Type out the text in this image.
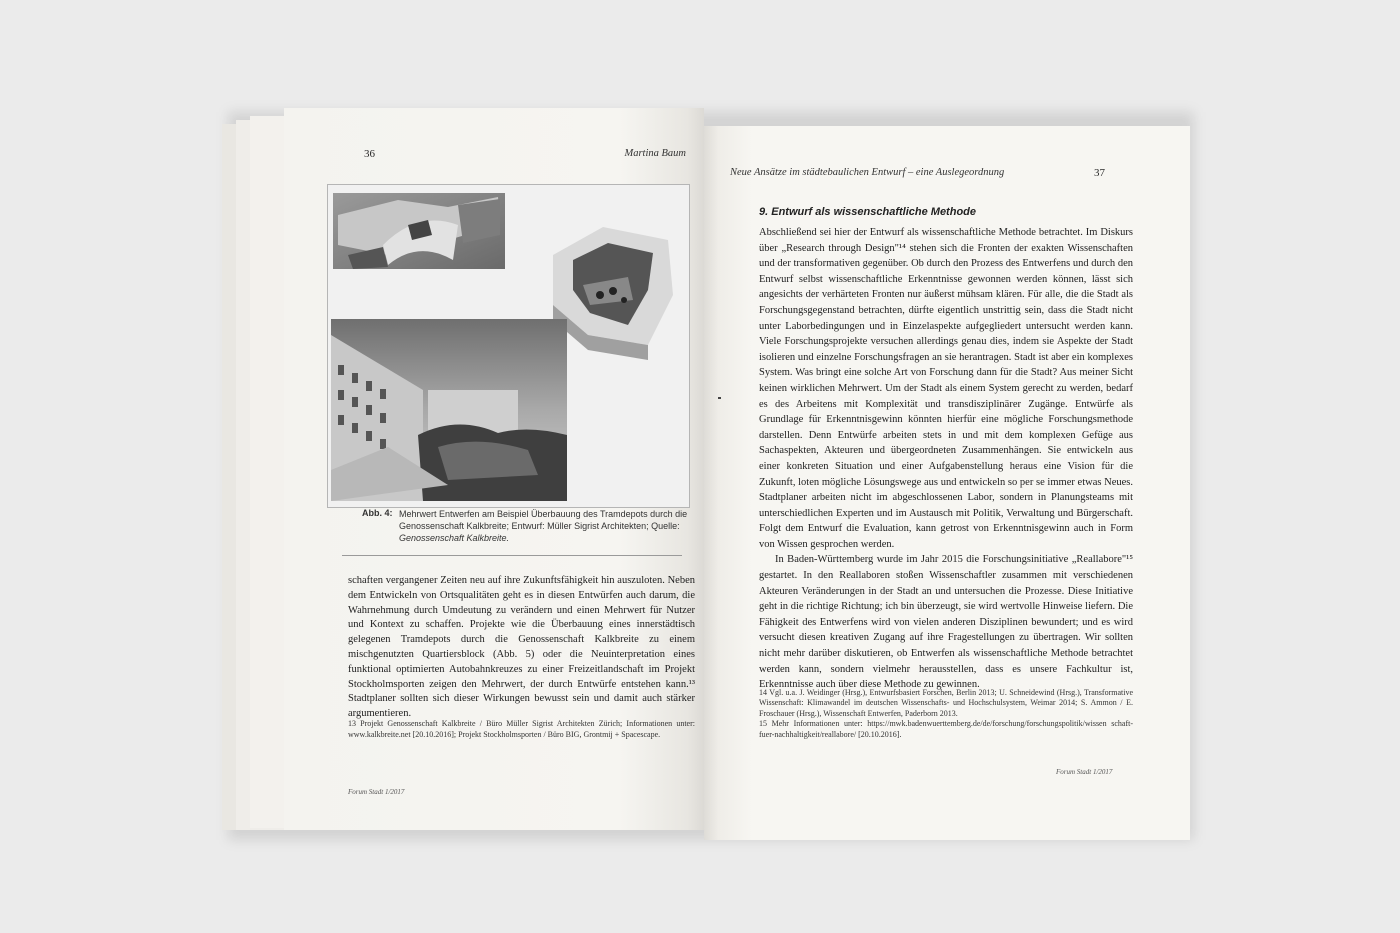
36	Martina Baum
Abb. 4: Mehrwert Entwerfen am Beispiel Überbauung des Tramdepots durch die Genossenschaft Kalkbreite; Entwurf: Müller Sigrist Architekten; Quelle: Genossenschaft Kalkbreite.

schaften vergangener Zeiten neu auf ihre Zukunftsfähigkeit hin auszuloten. Neben dem Entwickeln von Ortsqualitäten geht es in diesen Entwürfen auch darum, die Wahrnehmung durch Umdeutung zu verändern und einen Mehrwert für Nutzer und Kontext zu schaffen. Projekte wie die Überbauung eines innerstädtisch gelegenen Tramdepots durch die Genossenschaft Kalkbreite zu einem mischgenutzten Quartiersblock (Abb. 5) oder die Neuinterpretation eines funktional optimierten Autobahnkreuzes zu einer Freizeitlandschaft im Projekt Stockholmsporten zeigen den Mehrwert, der durch Entwürfe entstehen kann.¹³ Stadtplaner sollten sich dieser Wirkungen bewusst sein und damit auch stärker argumentieren.

13 Projekt Genossenschaft Kalkbreite / Büro Müller Sigrist Architekten Zürich; Informationen unter: www.kalkbreite.net [20.10.2016]; Projekt Stockholmsporten / Büro BIG, Grontmij + Spacescape.
Forum Stadt 1/2017
Neue Ansätze im städtebaulichen Entwurf – eine Auslegeordnung	37
9. Entwurf als wissenschaftliche Methode

Abschließend sei hier der Entwurf als wissenschaftliche Methode betrachtet. Im Diskurs über „Research through Design"¹⁴ stehen sich die Fronten der exakten Wissenschaften und der transformativen gegenüber. Ob durch den Prozess des Entwerfens und durch den Entwurf selbst wissenschaftliche Erkenntnisse gewonnen werden können, lässt sich angesichts der verhärteten Fronten nur äußerst mühsam klären. Für alle, die die Stadt als Forschungsgegenstand betrachten, dürfte eigentlich unstrittig sein, dass die Stadt nicht unter Laborbedingungen und in Einzelaspekte aufgegliedert untersucht werden kann. Viele Forschungsprojekte versuchen allerdings genau dies, indem sie Aspekte der Stadt isolieren und einzelne Forschungsfragen an sie herantragen. Stadt ist aber ein komplexes System. Was bringt eine solche Art von Forschung dann für die Stadt? Aus meiner Sicht keinen wirklichen Mehrwert. Um der Stadt als einem System gerecht zu werden, bedarf es des Arbeitens mit Komplexität und transdisziplinärer Zugänge. Entwürfe als Grundlage für Erkenntnisgewinn könnten hierfür eine mögliche Forschungsmethode darstellen. Denn Entwürfe arbeiten stets in und mit dem komplexen Gefüge aus Sachaspekten, Akteuren und übergeordneten Zusammenhängen. Sie entwickeln aus einer konkreten Situation und einer Aufgabenstellung heraus eine Vision für die Zukunft, loten mögliche Lösungswege aus und entwickeln so per se immer etwas Neues. Stadtplaner arbeiten nicht im abgeschlossenen Labor, sondern in Planungsteams mit unterschiedlichen Experten und im Austausch mit Politik, Verwaltung und Bürgerschaft. Folgt dem Entwurf die Evaluation, kann getrost von Erkenntnisgewinn auch in Form von Wissen gesprochen werden.

In Baden-Württemberg wurde im Jahr 2015 die Forschungsinitiative „Reallabore"¹⁵ gestartet. In den Reallaboren stoßen Wissenschaftler zusammen mit verschiedenen Akteuren Veränderungen in der Stadt an und untersuchen die Prozesse. Diese Initiative geht in die richtige Richtung; ich bin überzeugt, sie wird wertvolle Hinweise liefern. Die Fähigkeit des Entwerfens wird von vielen anderen Disziplinen bewundert; und es wird versucht diesen kreativen Zugang auf ihre Fragestellungen zu übertragen. Wir sollten nicht mehr darüber diskutieren, ob Entwerfen als wissenschaftliche Methode betrachtet werden kann, sondern vielmehr herausstellen, dass es unsere Fachkultur ist, Erkenntnisse auch über diese Methode zu gewinnen.

14 Vgl. u.a. J. Weidinger (Hrsg.), Entwurfsbasiert Forschen, Berlin 2013; U. Schneidewind (Hrsg.), Transformative Wissenschaft: Klimawandel im deutschen Wissenschafts- und Hochschulsystem, Weimar 2014; S. Ammon / E. Froschauer (Hrsg.), Wissenschaft Entwerfen, Paderborn 2013.
15 Mehr Informationen unter: https://mwk.badenwuerttemberg.de/de/forschung/forschungspolitik/wissen schaft-fuer-nachhaltigkeit/reallabore/ [20.10.2016].
Forum Stadt 1/2017
